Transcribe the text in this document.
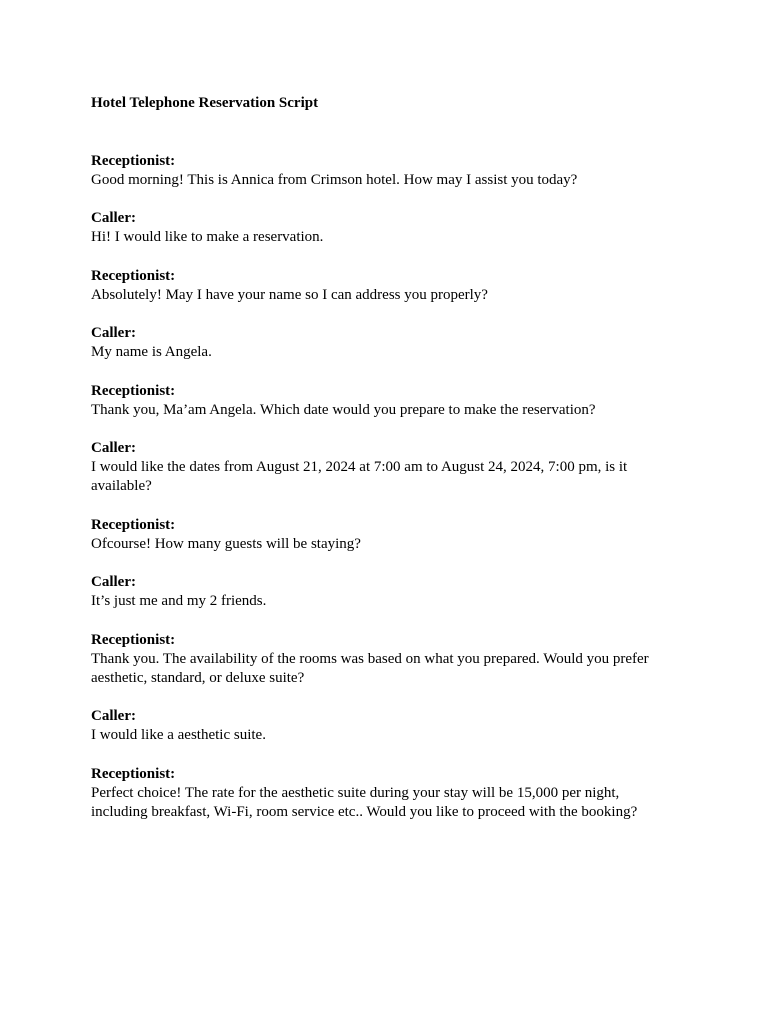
Hotel Telephone Reservation Script
Receptionist:
Good morning! This is Annica from Crimson hotel. How may I assist you today?
Caller:
Hi! I would like to make a reservation.
Receptionist:
Absolutely! May I have your name so I can address you properly?
Caller:
My name is Angela.
Receptionist:
Thank you, Ma’am Angela. Which date would you prepare to make the reservation?
Caller:
I would like the dates from August 21, 2024 at 7:00 am to August 24, 2024, 7:00 pm, is it available?
Receptionist:
Ofcourse! How many guests will be staying?
Caller:
It’s just me and my 2 friends.
Receptionist:
Thank you. The availability of the rooms was based on what you prepared. Would you prefer aesthetic, standard, or deluxe suite?
Caller:
I would like a aesthetic suite.
Receptionist:
Perfect choice! The rate for the aesthetic suite during your stay will be 15,000 per night, including breakfast, Wi-Fi, room service etc.. Would you like to proceed with the booking?
